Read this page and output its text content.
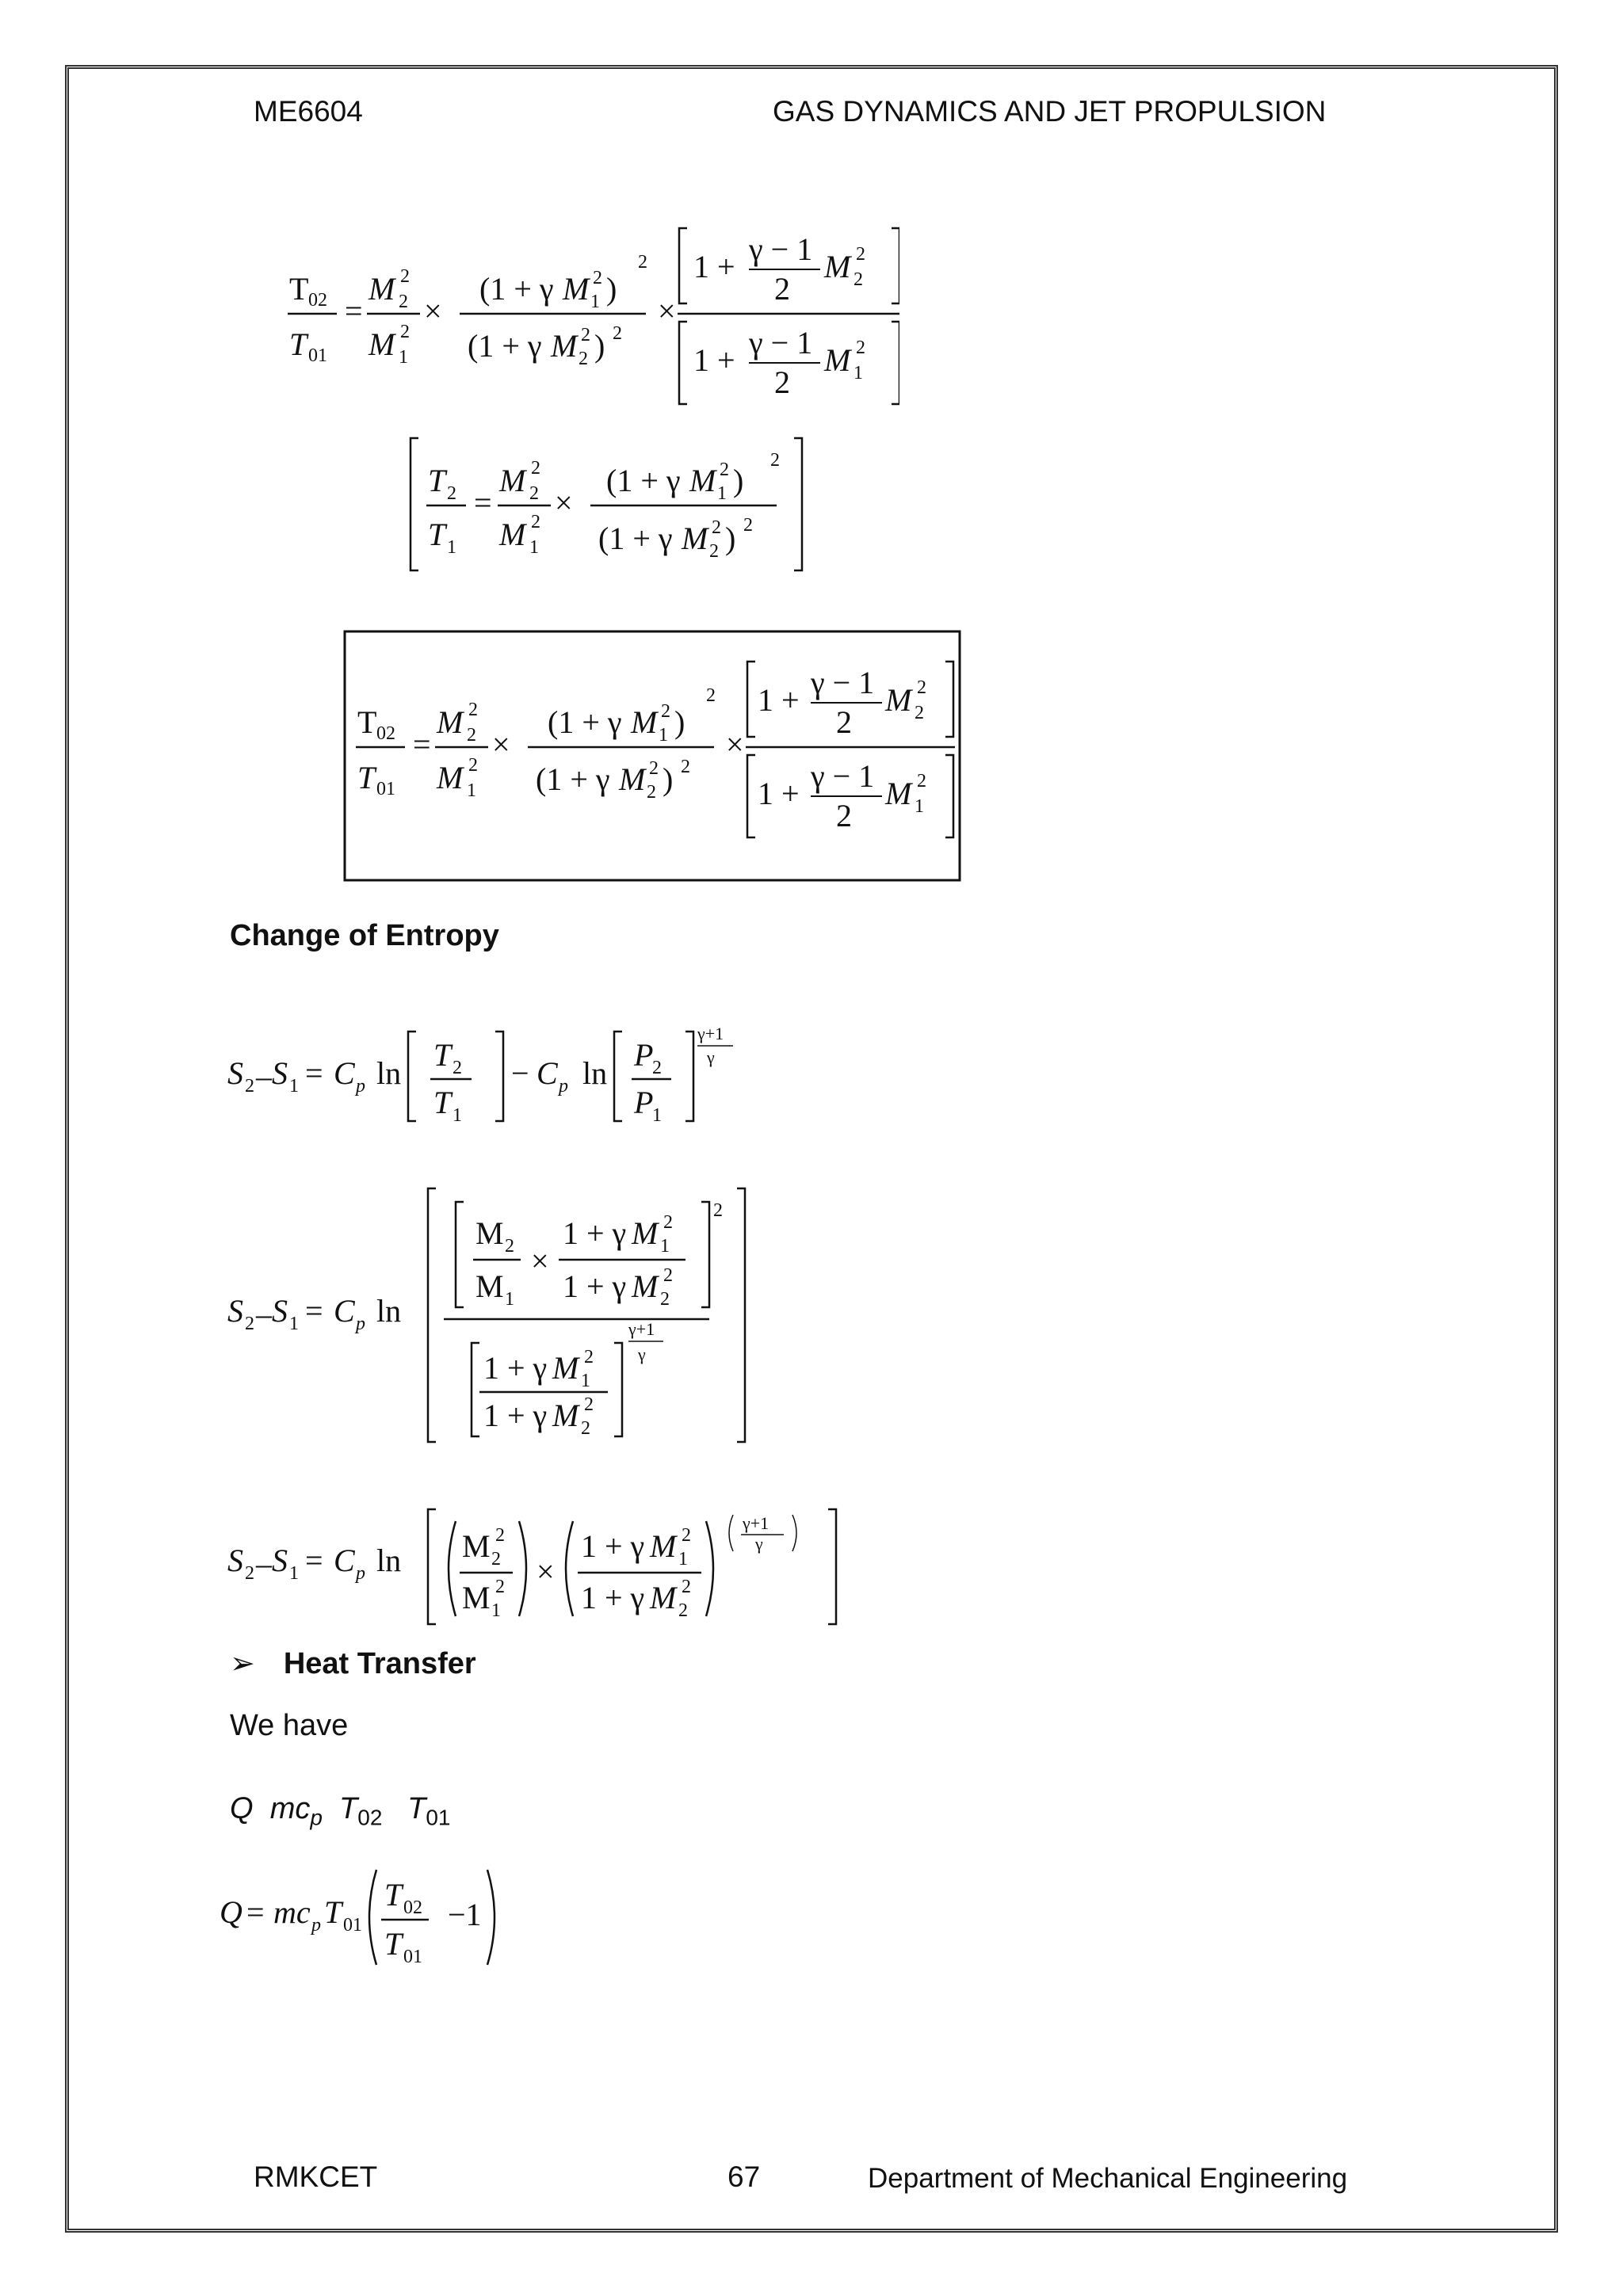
ME6604	GAS DYNAMICS AND JET PROPULSION
T 02
T 01
=
M 2
2
M 1
2
×
(1 + γ M 1
2 )
2
(1 + γ M 2
2 ) 2
×
1 + γ − 1
2
M 2
2
1 + γ − 1
2
M 1
2
T 2
T 1
=
M 2
2
M 1
2
×
(1 + γ M 1
2 )
2
(1 + γ M 2
2 ) 2
T 02
T 01
=
M 2
2
M 1
2
×
(1 + γ M 1
2 )
2
(1 + γ M 2
2 ) 2
×
1 + γ − 1
2
M 2
2
1 + γ − 1
2
M 1
2
Change of Entropy
S 2 – S 1 = C p ln
T 2
T 1
− C p ln
P
2
P
1
γ+1
γ
S 2 – S 1 = C p ln
2
M 2
M 1
×
1 + γ M 1
2
1 + γ M 2
2
1 + γ M 1
2
1 + γ M 2
2
γ+1
γ
S 2 – S 1 = C p ln M 2
2
M 1
2 ×
1 + γ M 1
2
1 + γ M 2
2
γ+1
γ
➢ Heat Transfer
We have
Q $mc_p$ $T_{02}$ $T_{01}$
Q = mc p T 01
T 02
T 01
−1
RMKCET	67	Department of Mechanical Engineering
